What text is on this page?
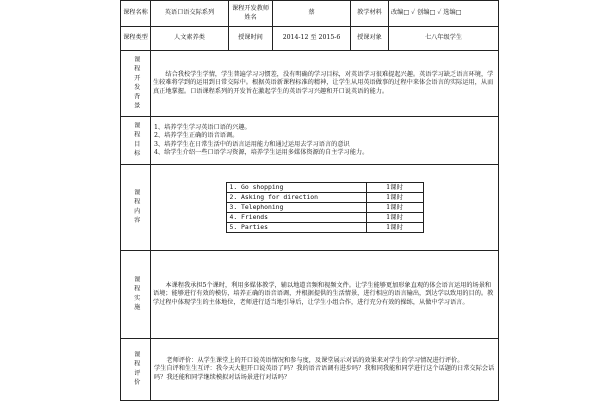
课程名称	英语口语交际系列	课程开发教师姓名	蔡	教学材料	改编□ ✓ 创编□ ✓ 选编□
课程类型	人文素养类	授课时间	2014-12 至 2015-6	授课对象	七八年级学生
课程开发背景	结合我校学生学情，学生普遍学习习惯差，没有明确的学习目标，对英语学习很难提起兴趣。英语学习缺乏语言环境，学生较难将学到的运用到日常交际中。根据英语新课程标准的精神，让学生从用英语做事的过程中来体会语言的实际运用，从而真正地掌握。口语课程系列的开发旨在激起学生的英语学习兴趣和开口说英语的能力。
课程目标	1、培养学生学习英语口语的兴趣。
2、培养学生正确的语音语调。
3、培养学生在日常生活中的语言运用能力和通过运用去学习语言的意识
4、给学生介绍一些口语学习资源，培养学生运用多媒体资源的自主学习能力。

课程内容	
1. Go shopping	1课时
2. Asking for direction	1课时
3. Telephoning	1课时
4. Friends	1课时
5. Parties	1课时

课程实施	本课程我承担5个课时，利用多媒体教学，辅以地道音频和视频文件。让学生能够更加形象直观的体会语言运用的场景和语境；能够进行有效的模仿，培养正确的语音语调，并根据提供的生活情景，进行相应的语言输出，到达学以致用的目的。教学过程中体现学生的主体地位，老师进行适当地引导后，让学生小组合作，进行充分有效的操练，从做中学习语言。
课程评价	老师评价：从学生课堂上的开口说英语情况和参与度，及课堂展示对话的效果来对学生的学习情况进行评价。
学生自评和生生互评：我今天大胆开口说英语了吗？我的语音语调有进步吗？我和同我能和同学进行这个话题的日常交际会话吗？我还能和同学继续模拟对话场景进行对话吗？
